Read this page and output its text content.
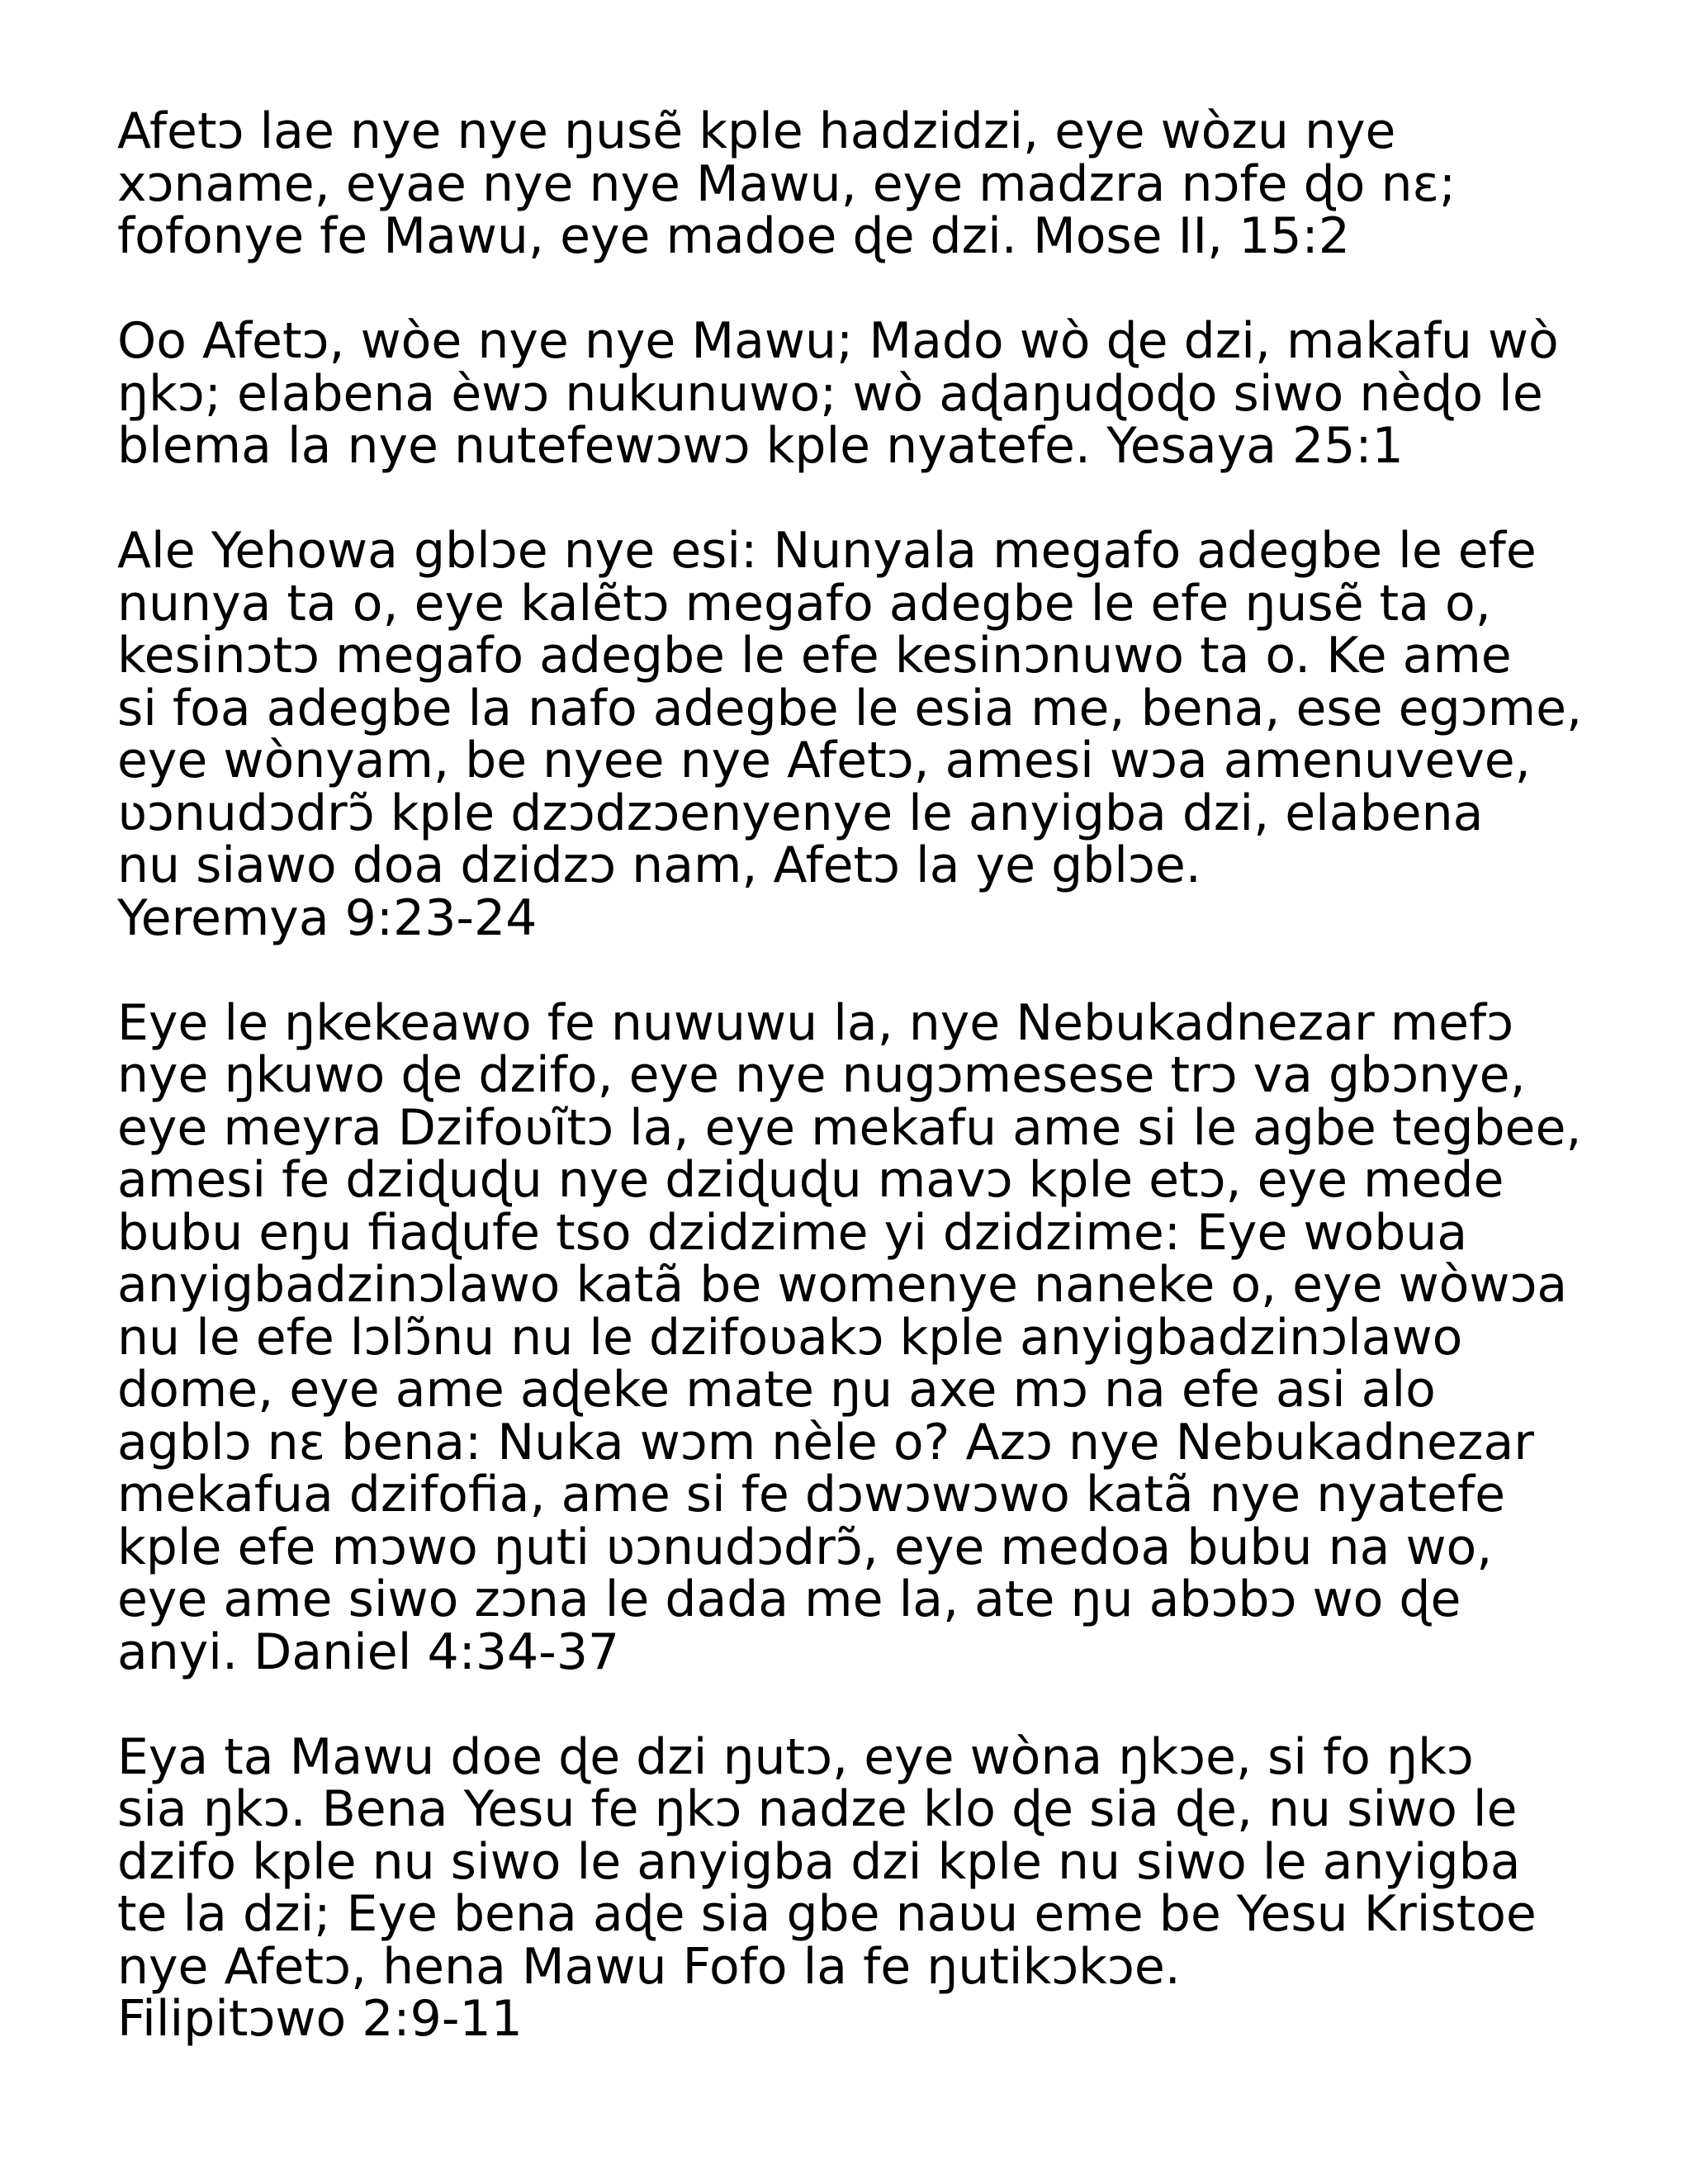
Afetɔ lae nye nye ŋusẽ kple hadzidzi, eye wòzu nye
xɔname, eyae nye nye Mawu, eye madzra nɔfe ɖo nɛ;
fofonye fe Mawu, eye madoe ɖe dzi. Mose II, 15:2

Oo Afetɔ, wòe nye nye Mawu; Mado wò ɖe dzi, makafu wò
ŋkɔ; elabena èwɔ nukunuwo; wò aɖaŋuɖoɖo siwo nèɖo le
blema la nye nutefewɔwɔ kple nyatefe. Yesaya 25:1

Ale Yehowa gblɔe nye esi: Nunyala megafo adegbe le efe
nunya ta o, eye kalẽtɔ megafo adegbe le efe ŋusẽ ta o,
kesinɔtɔ megafo adegbe le efe kesinɔnuwo ta o. Ke ame
si foa adegbe la nafo adegbe le esia me, bena, ese egɔme,
eye wònyam, be nyee nye Afetɔ, amesi wɔa amenuveve,
ʋɔnudɔdrɔ̃ kple dzɔdzɔenyenye le anyigba dzi, elabena
nu siawo doa dzidzɔ nam, Afetɔ la ye gblɔe.
Yeremya 9:23-24

Eye le ŋkekeawo fe nuwuwu la, nye Nebukadnezar mefɔ
nye ŋkuwo ɖe dzifo, eye nye nugɔmesese trɔ va gbɔnye,
eye meyra Dzifoʋĩtɔ la, eye mekafu ame si le agbe tegbee,
amesi fe dziɖuɖu nye dziɖuɖu mavɔ kple etɔ, eye mede
bubu eŋu fiaɖufe tso dzidzime yi dzidzime: Eye wobua
anyigbadzinɔlawo katã be womenye naneke o, eye wòwɔa
nu le efe lɔlɔ̃nu nu le dzifoʋakɔ kple anyigbadzinɔlawo
dome, eye ame aɖeke mate ŋu axe mɔ na efe asi alo
agblɔ nɛ bena: Nuka wɔm nèle o? Azɔ nye Nebukadnezar
mekafua dzifofia, ame si fe dɔwɔwɔwo katã nye nyatefe
kple efe mɔwo ŋuti ʋɔnudɔdrɔ̃, eye medoa bubu na wo,
eye ame siwo zɔna le dada me la, ate ŋu abɔbɔ wo ɖe
anyi. Daniel 4:34-37

Eya ta Mawu doe ɖe dzi ŋutɔ, eye wòna ŋkɔe, si fo ŋkɔ
sia ŋkɔ. Bena Yesu fe ŋkɔ nadze klo ɖe sia ɖe, nu siwo le
dzifo kple nu siwo le anyigba dzi kple nu siwo le anyigba
te la dzi; Eye bena aɖe sia gbe naʋu eme be Yesu Kristoe
nye Afetɔ, hena Mawu Fofo la fe ŋutikɔkɔe.
Filipitɔwo 2:9-11
